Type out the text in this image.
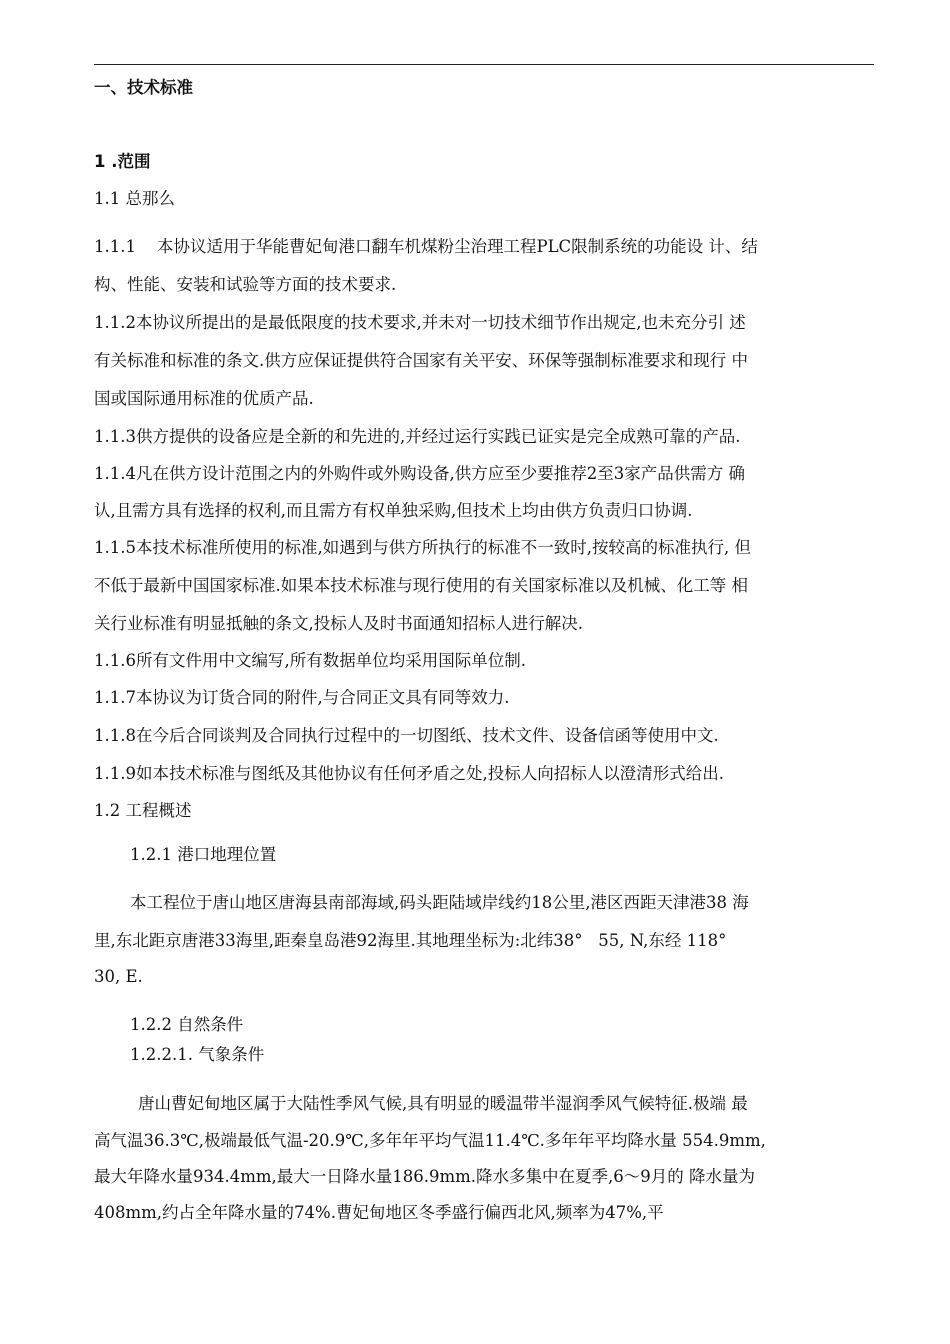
一、技术标准
1 .范围
1.1 总那么
1.1.1    本协议适用于华能曹妃甸港口翻车机煤粉尘治理工程PLC限制系统的功能设 计、结
构、性能、安装和试验等方面的技术要求.
1.1.2本协议所提出的是最低限度的技术要求,并未对一切技术细节作出规定,也未充分引 述
有关标准和标准的条文.供方应保证提供符合国家有关平安、环保等强制标准要求和现行 中
国或国际通用标准的优质产品.
1.1.3供方提供的设备应是全新的和先进的,并经过运行实践已证实是完全成熟可靠的产品.
1.1.4凡在供方设计范围之内的外购件或外购设备,供方应至少要推荐2至3家产品供需方 确
认,且需方具有选择的权利,而且需方有权单独采购,但技术上均由供方负责归口协调.
1.1.5本技术标准所使用的标准,如遇到与供方所执行的标准不一致时,按较高的标准执行, 但
不低于最新中国国家标准.如果本技术标准与现行使用的有关国家标准以及机械、化工等 相
关行业标准有明显抵触的条文,投标人及时书面通知招标人进行解决.
1.1.6所有文件用中文编写,所有数据单位均采用国际单位制.
1.1.7本协议为订货合同的附件,与合同正文具有同等效力.
1.1.8在今后合同谈判及合同执行过程中的一切图纸、技术文件、设备信函等使用中文.
1.1.9如本技术标准与图纸及其他协议有任何矛盾之处,投标人向招标人以澄清形式给出.
1.2 工程概述
1.2.1 港口地理位置
本工程位于唐山地区唐海县南部海域,码头距陆域岸线约18公里,港区西距天津港38 海
里,东北距京唐港33海里,距秦皇岛港92海里.其地理坐标为:北纬38°   55, N,东经 118°
30, E.
1.2.2 自然条件
1.2.2.1. 气象条件
唐山曹妃甸地区属于大陆性季风气候,具有明显的暖温带半湿润季风气候特征.极端 最
高气温36.3℃,极端最低气温-20.9℃,多年年平均气温11.4℃.多年年平均降水量 554.9mm,
最大年降水量934.4mm,最大一日降水量186.9mm.降水多集中在夏季,6〜9月的 降水量为
408mm,约占全年降水量的74%.曹妃甸地区冬季盛行偏西北风,频率为47%,平
